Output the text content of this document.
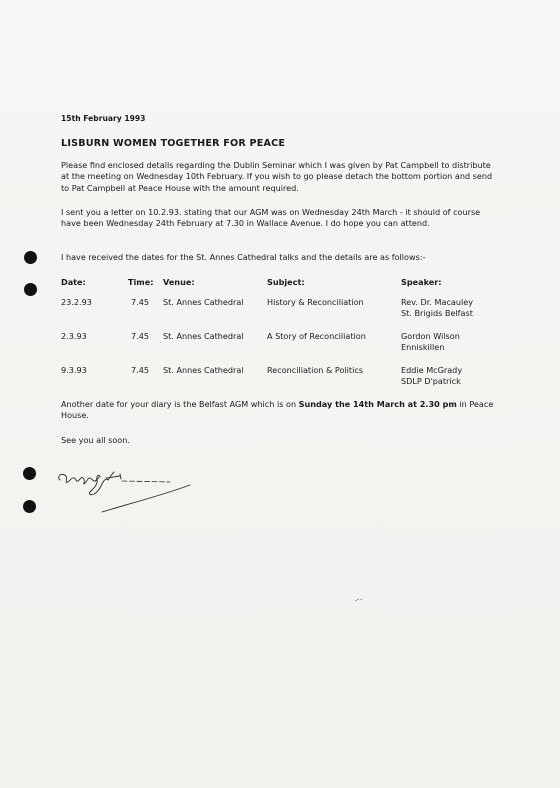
15th February 1993
LISBURN WOMEN TOGETHER FOR PEACE

Please find enclosed details regarding the Dublin Seminar which I was given by Pat Campbell to distribute at the meeting on Wednesday 10th February. If you wish to go please detach the bottom portion and send to Pat Campbell at Peace House with the amount required.

I sent you a letter on 10.2.93. stating that our AGM was on Wednesday 24th March - it should of course have been Wednesday 24th February at 7.30 in Wallace Avenue. I do hope you can attend.

I have received the dates for the St. Annes Cathedral talks and the details are as follows:-

Date:	Time: Venue:	Subject:	Speaker:
23.2.93	7.45 St. Annes Cathedral	History & Reconciliation	Rev. Dr. Macauley
St. Brigids Belfast
2.3.93	7.45 St. Annes Cathedral	A Story of Reconciliation	Gordon Wilson
Enniskillen
9.3.93	7.45 St. Annes Cathedral	Reconciliation & Politics	Eddie McGrady
SDLP D'patrick

Another date for your diary is the Belfast AGM which is on Sunday the 14th March at 2.30 pm in Peace House.

See you all soon.
